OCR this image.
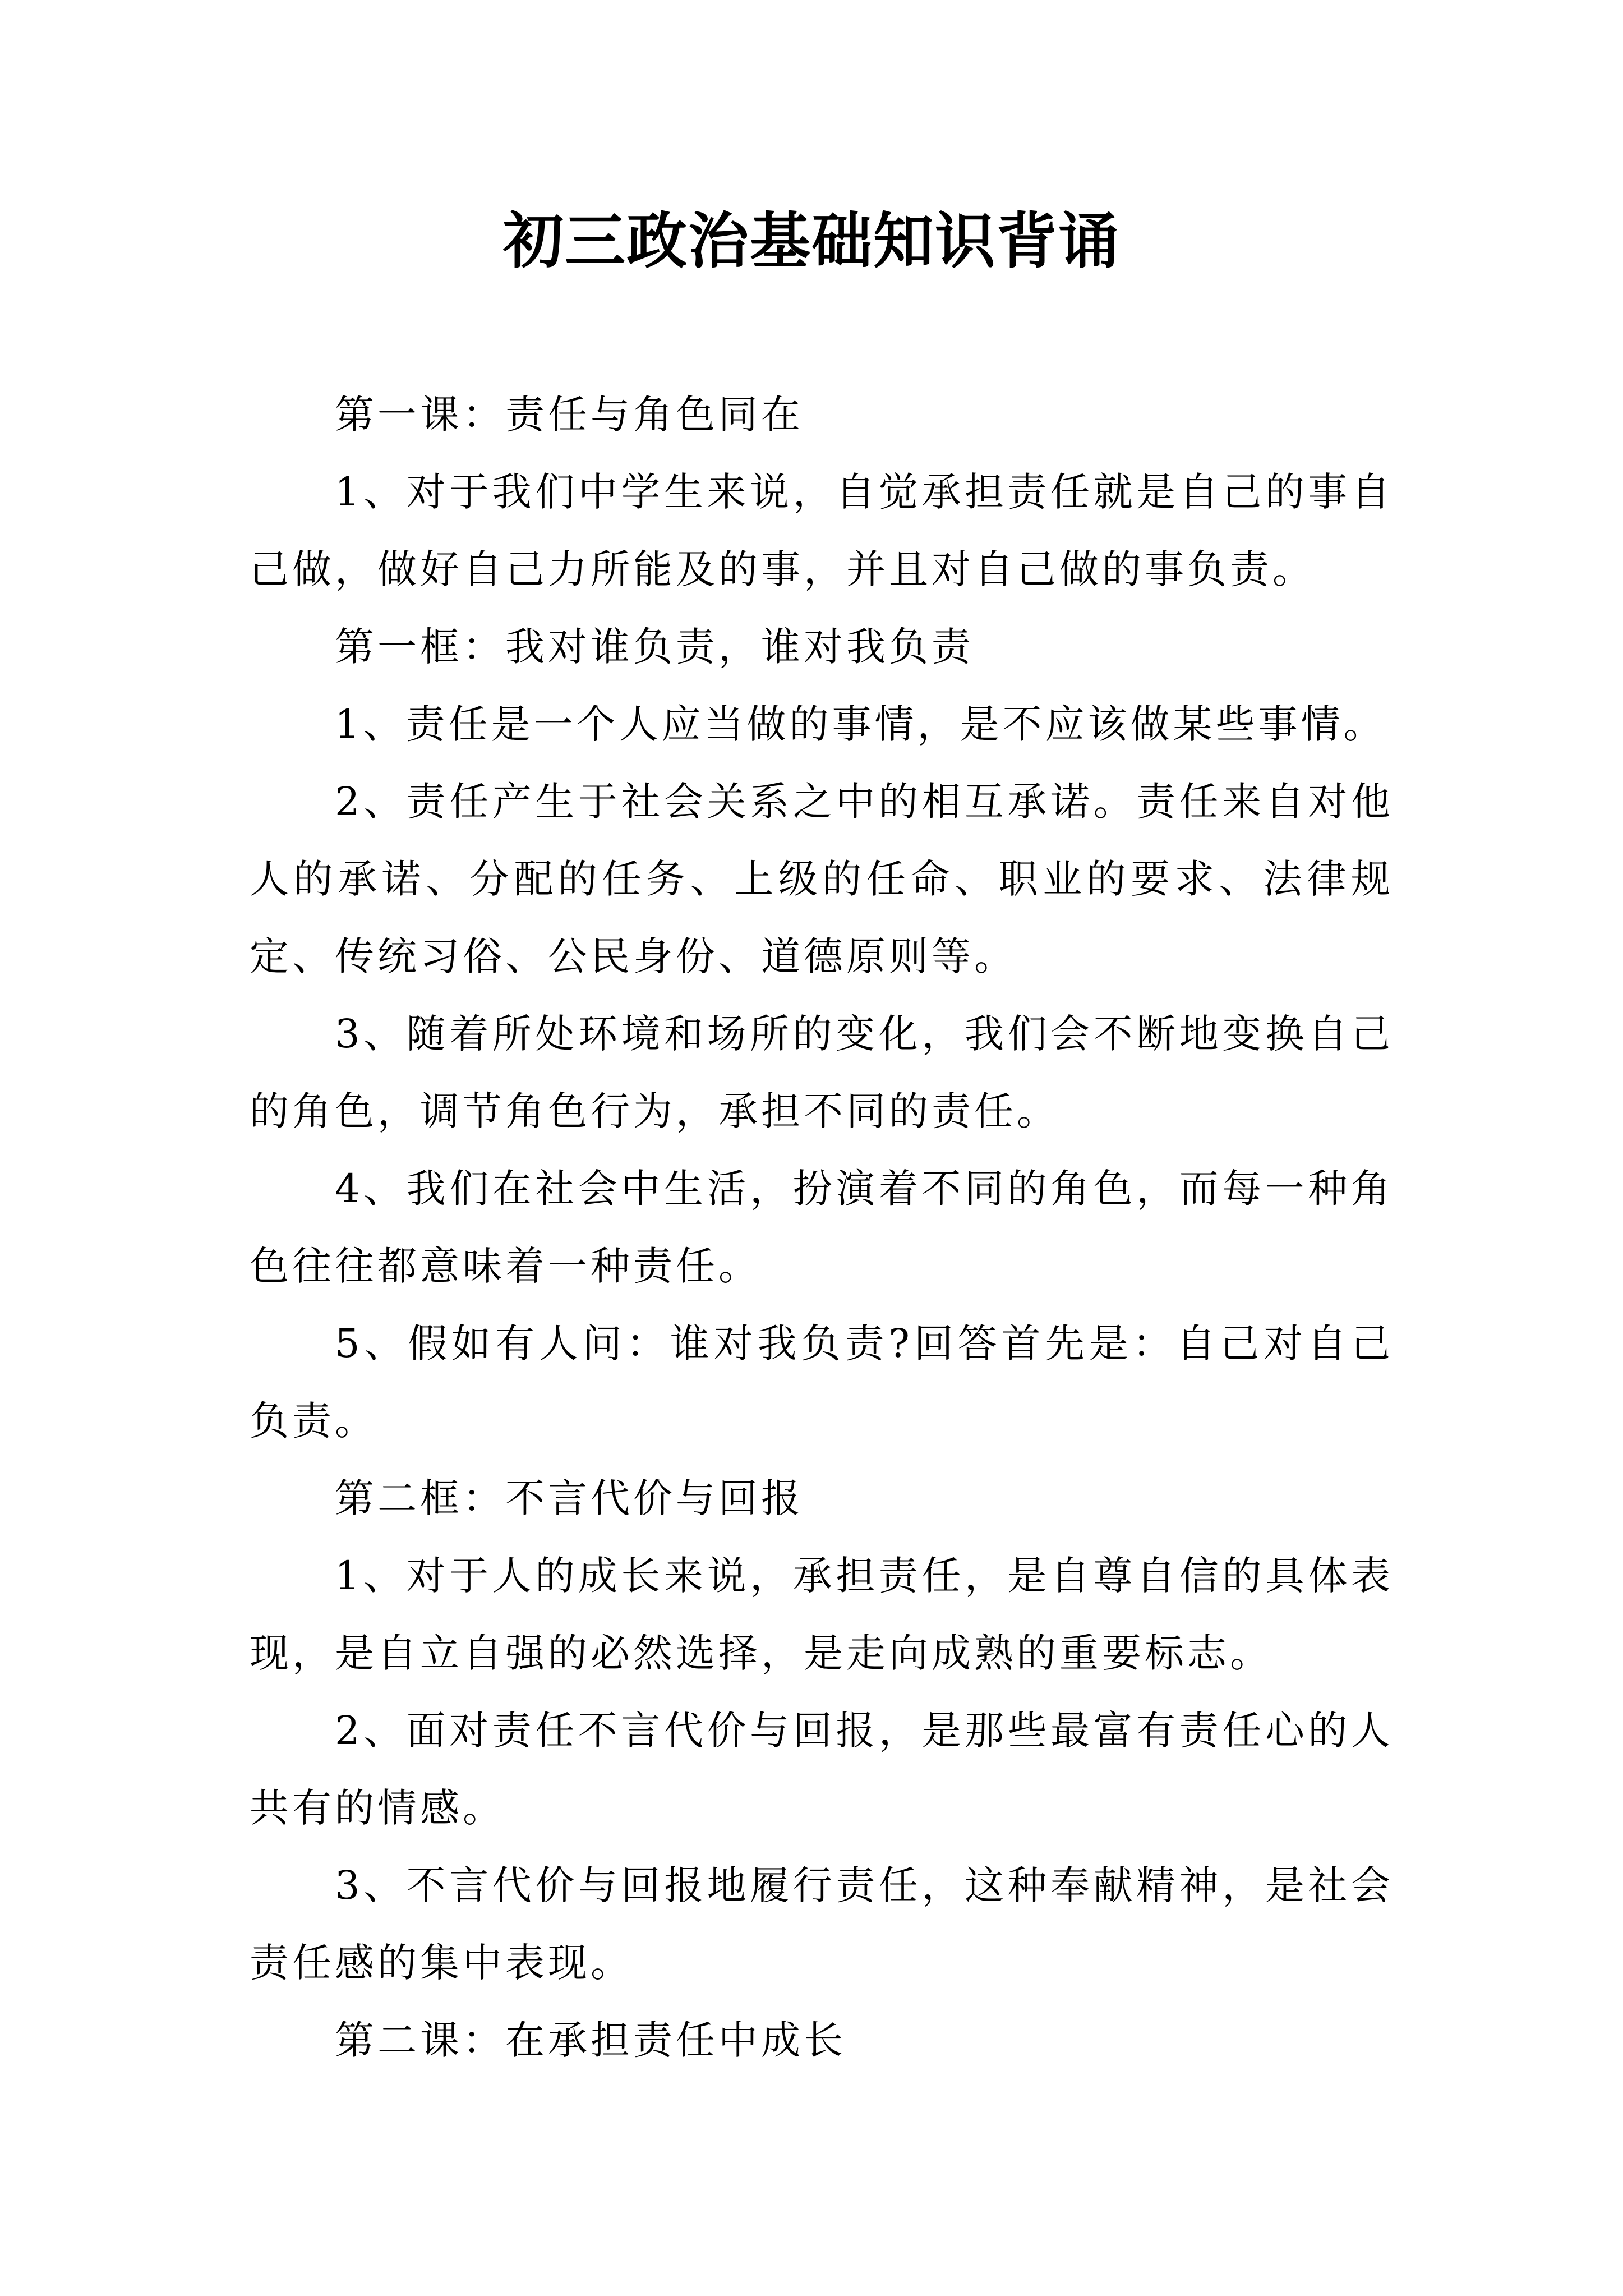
初三政治基础知识背诵

第一课：责任与角色同在

1、对于我们中学生来说，自觉承担责任就是自己的事自己做，做好自己力所能及的事，并且对自己做的事负责。

第一框：我对谁负责，谁对我负责

1、责任是一个人应当做的事情，是不应该做某些事情。

2、责任产生于社会关系之中的相互承诺。责任来自对他人的承诺、分配的任务、上级的任命、职业的要求、法律规定、传统习俗、公民身份、道德原则等。

3、随着所处环境和场所的变化，我们会不断地变换自己的角色，调节角色行为，承担不同的责任。

4、我们在社会中生活，扮演着不同的角色，而每一种角色往往都意味着一种责任。

5、假如有人问：谁对我负责?回答首先是：自己对自己负责。

第二框：不言代价与回报

1、对于人的成长来说，承担责任，是自尊自信的具体表现，是自立自强的必然选择，是走向成熟的重要标志。

2、面对责任不言代价与回报，是那些最富有责任心的人共有的情感。

3、不言代价与回报地履行责任，这种奉献精神，是社会责任感的集中表现。

第二课：在承担责任中成长
